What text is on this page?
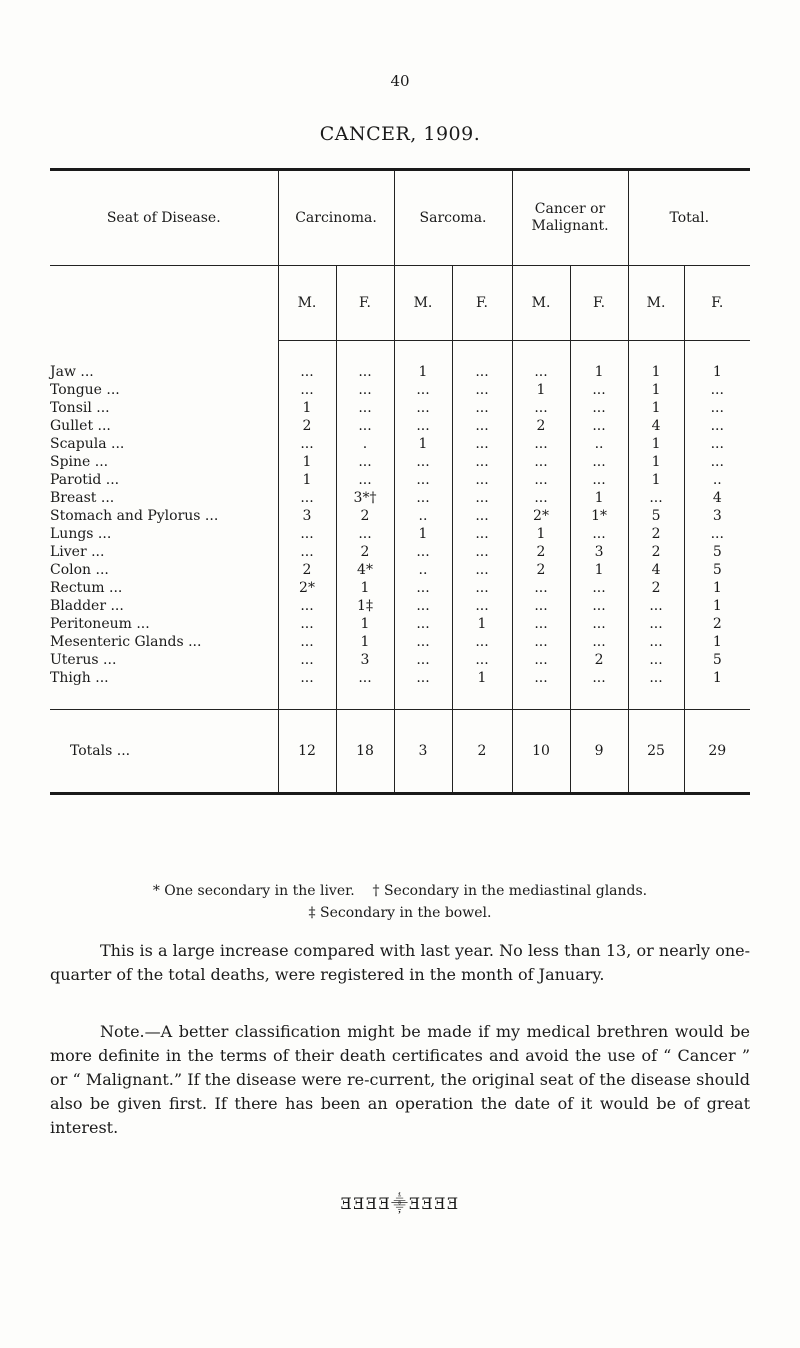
40
CANCER, 1909.
Seat of Disease.	Carcinoma.		Sarcoma.		Cancer or Malignant.		Total.	
	M.	F.	M.	F.	M.	F.	M.	F.
Jaw ...	...	...	1	...	...	1	1	1
Tongue ...	...	...	...	...	1	...	1	...
Tonsil ...	1	...	...	...	...	...	1	...
Gullet ...	2	...	...	...	2	...	4	...
Scapula ...	...	.	1	...	...	..	1	...
Spine ...	1	...	...	...	...	...	1	...
Parotid ...	1	...	...	...	...	...	1	..
Breast ...	...	3*†	...	...	...	1	...	4
Stomach and Pylorus ...	3	2	..	...	2*	1*	5	3
Lungs ...	...	...	1	...	1	...	2	...
Liver ...	...	2	...	...	2	3	2	5
Colon ...	2	4*	..	...	2	1	4	5
Rectum ...	2*	1	...	...	...	...	2	1
Bladder ...	...	1‡	...	...	...	...	...	1
Peritoneum ...	...	1	...	1	...	...	...	2
Mesenteric Glands ...	...	1	...	...	...	...	...	1
Uterus ...	...	3	...	...	...	2	...	5
Thigh ...	...	...	...	1	...	...	...	1
Totals ...	12	18	3	2	10	9	25	29
* One secondary in the liver.    † Secondary in the mediastinal glands.
‡ Secondary in the bowel.
This is a large increase compared with last year. No less than 13, or nearly one-quarter of the total deaths, were registered in the month of January.
Note.—A better classification might be made if my medical brethren would be more definite in the terms of their death certificates and avoid the use of “ Cancer ” or “ Malignant.” If the disease were re-current, the original seat of the disease should also be given first. If there has been an operation the date of it would be of great interest.
ƎƎƎƎ⸎ƎƎƎƎ
